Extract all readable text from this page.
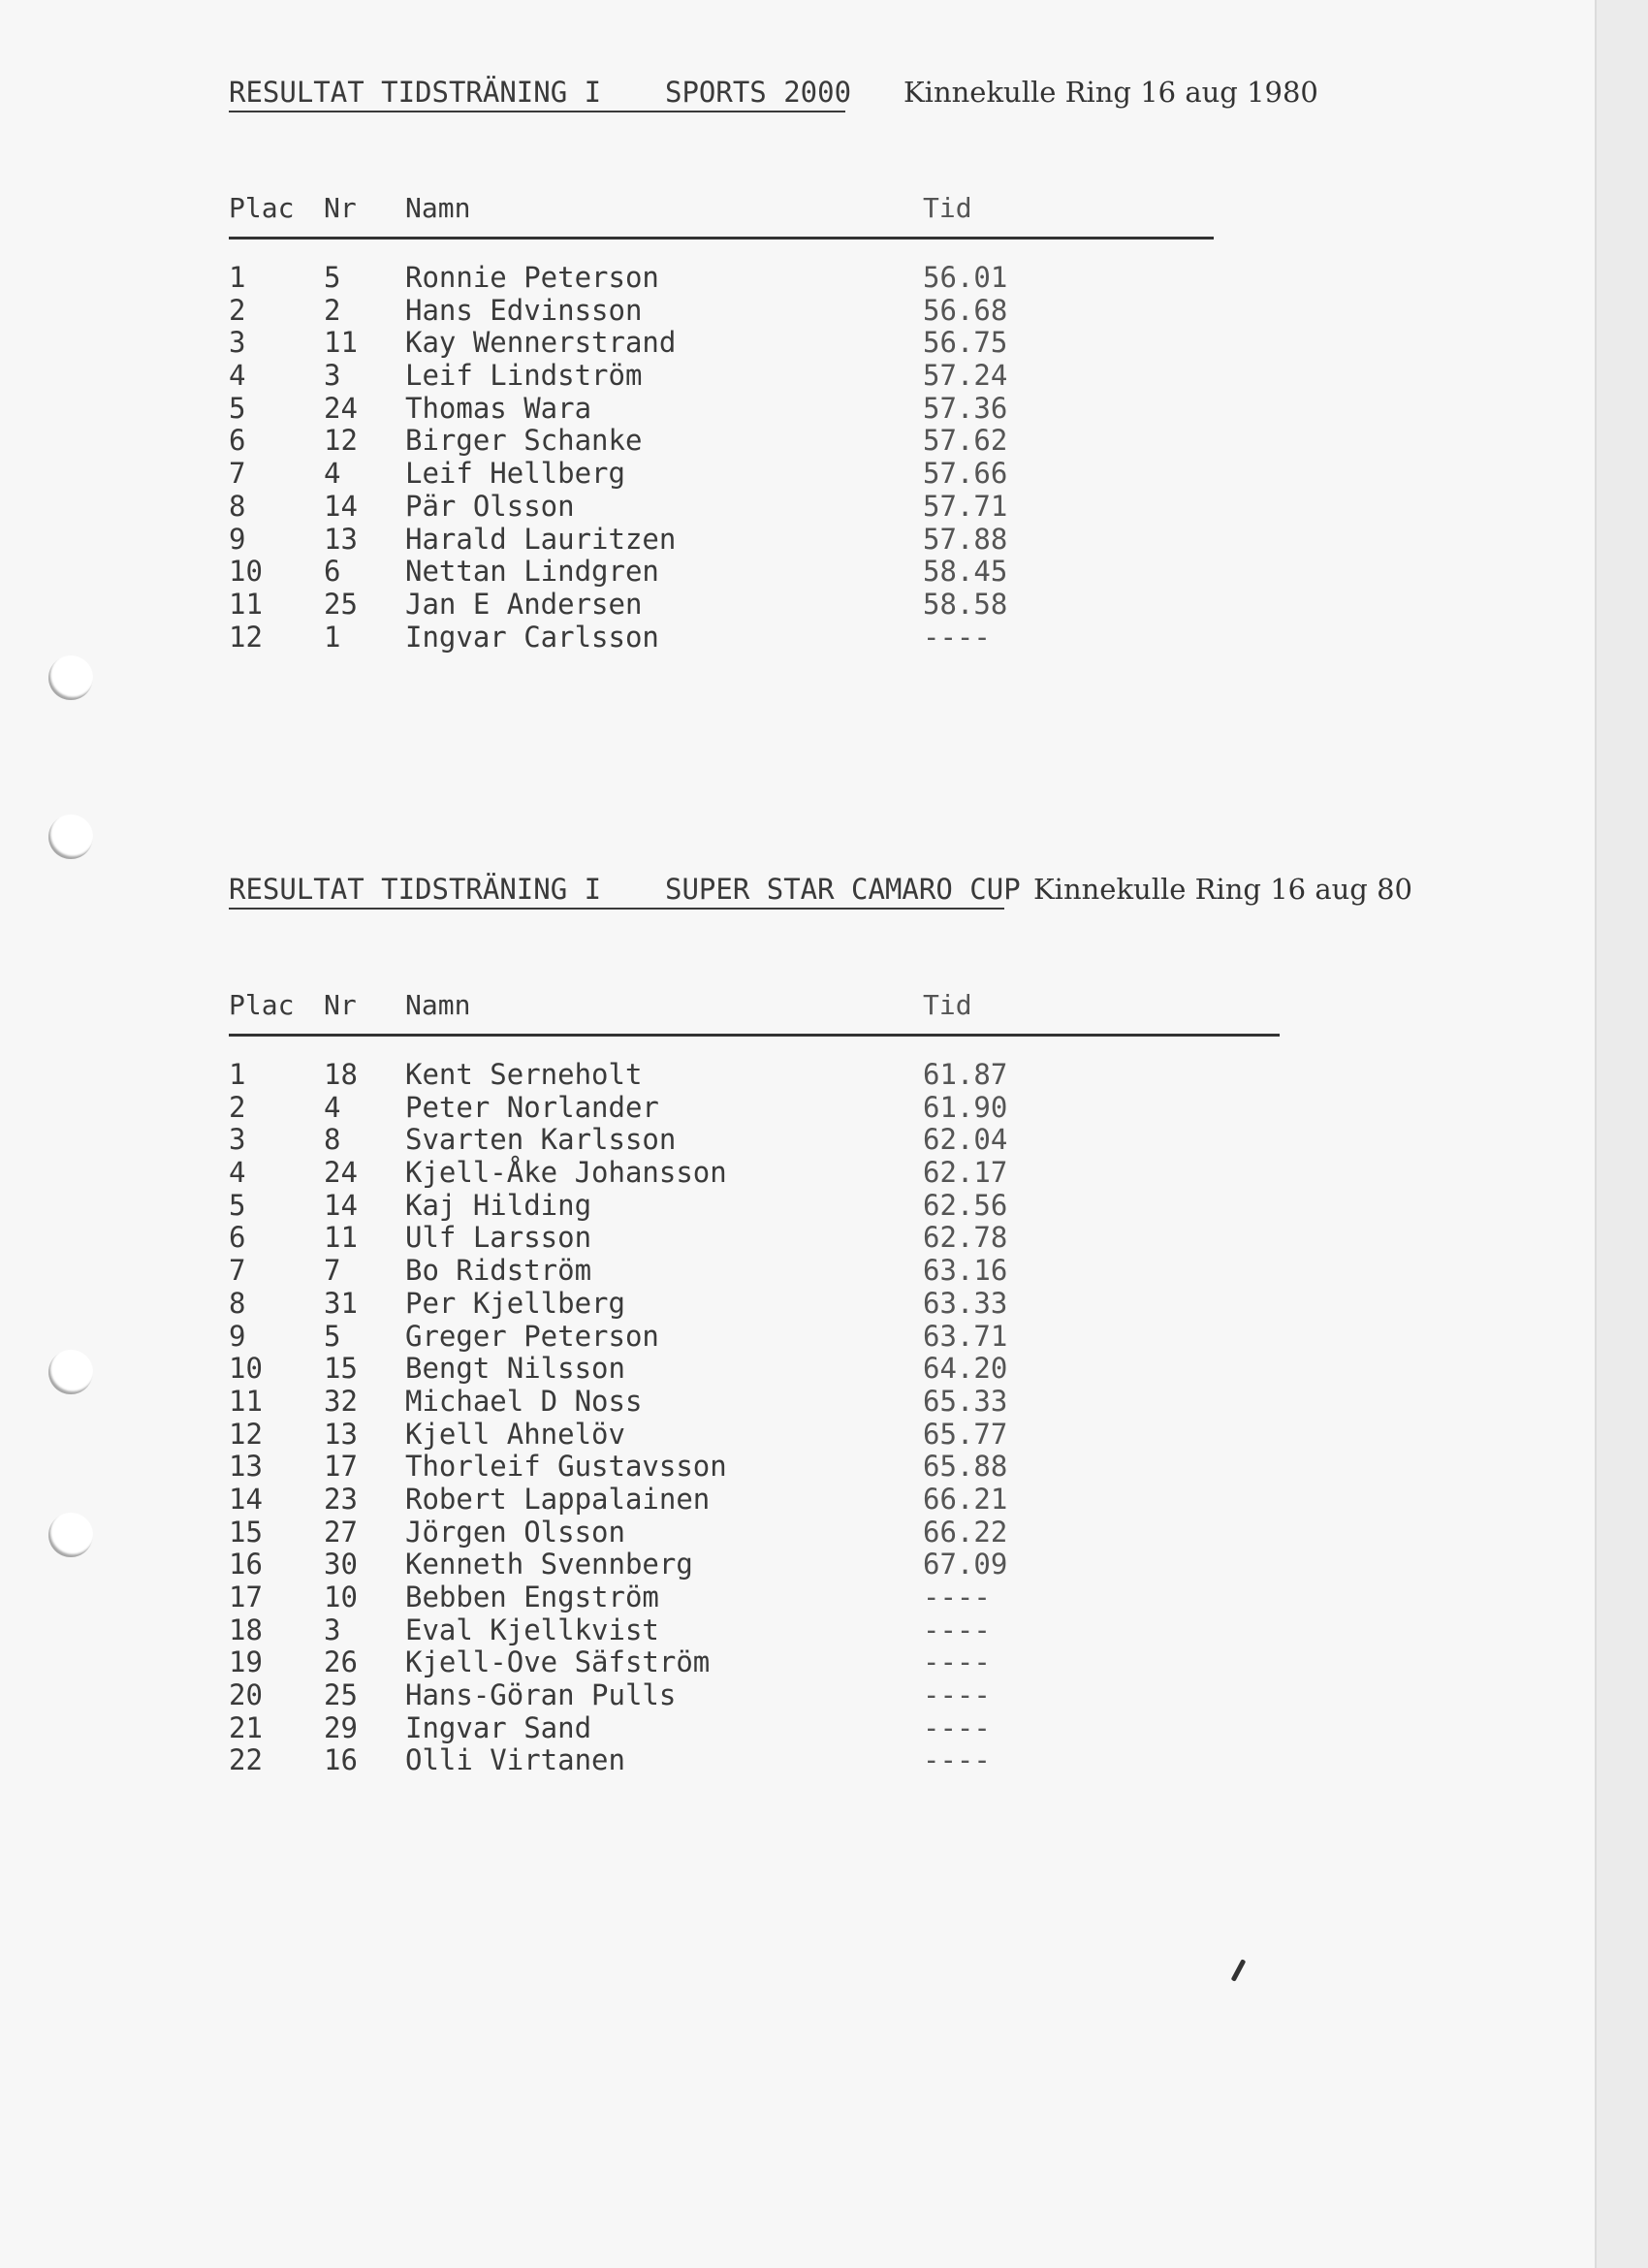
RESULTAT TIDSTRÄNING I SPORTS 2000 Kinnekulle Ring 16 aug 1980
Plac Nr Namn	Tid
1	5 Ronnie Peterson	56.01
2	2 Hans Edvinsson	56.68
3	11 Kay Wennerstrand	56.75
4	3 Leif Lindström	57.24
5	24 Thomas Wara	57.36
6	12 Birger Schanke	57.62
7	4 Leif Hellberg	57.66
8	14 Pär Olsson	57.71
9	13 Harald Lauritzen	57.88
10 6 Nettan Lindgren	58.45
11 25 Jan E Andersen	58.58
12 1 Ingvar Carlsson	----
RESULTAT TIDSTRÄNING I SUPER STAR CAMARO CUP Kinnekulle Ring 16 aug 80
Plac Nr Namn	Tid
1	18 Kent Serneholt	61.87
2	4 Peter Norlander	61.90
3	8 Svarten Karlsson	62.04
4	24 Kjell-Åke Johansson	62.17
5	14 Kaj Hilding	62.56
6	11 Ulf Larsson	62.78
7	7 Bo Ridström	63.16
8	31 Per Kjellberg	63.33
9	5 Greger Peterson	63.71
10 15 Bengt Nilsson	64.20
11 32 Michael D Noss	65.33
12 13 Kjell Ahnelöv	65.77
13 17 Thorleif Gustavsson	65.88
14 23 Robert Lappalainen	66.21
15 27 Jörgen Olsson	66.22
16 30 Kenneth Svennberg	67.09
17 10 Bebben Engström	----
18 3 Eval Kjellkvist	----
19 26 Kjell-Ove Säfström	----
20 25 Hans-Göran Pulls	----
21 29 Ingvar Sand	----
22 16 Olli Virtanen	----
